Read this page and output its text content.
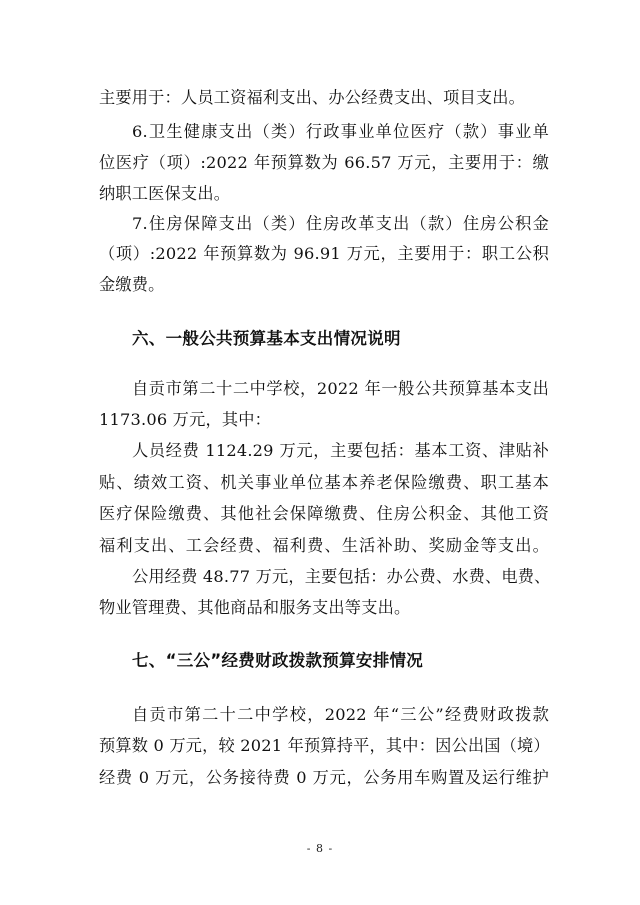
主要用于：人员工资福利支出、办公经费支出、项目支出。
6.卫生健康支出（类）行政事业单位医疗（款）事业单
位医疗（项）:2022 年预算数为 66.57 万元，主要用于：缴
纳职工医保支出。
7.住房保障支出（类）住房改革支出（款）住房公积金
（项）:2022 年预算数为 96.91 万元，主要用于：职工公积
金缴费。
六、一般公共预算基本支出情况说明
自贡市第二十二中学校，2022 年一般公共预算基本支出
1173.06 万元，其中：
人员经费 1124.29 万元，主要包括：基本工资、津贴补
贴、绩效工资、机关事业单位基本养老保险缴费、职工基本
医疗保险缴费、其他社会保障缴费、住房公积金、其他工资
福利支出、工会经费、福利费、生活补助、奖励金等支出。
公用经费 48.77 万元，主要包括：办公费、水费、电费、
物业管理费、其他商品和服务支出等支出。
七、“三公”经费财政拨款预算安排情况
自贡市第二十二中学校，2022 年“三公”经费财政拨款
预算数 0 万元，较 2021 年预算持平，其中：因公出国（境）
经费 0 万元，公务接待费 0 万元，公务用车购置及运行维护
- 8 -
